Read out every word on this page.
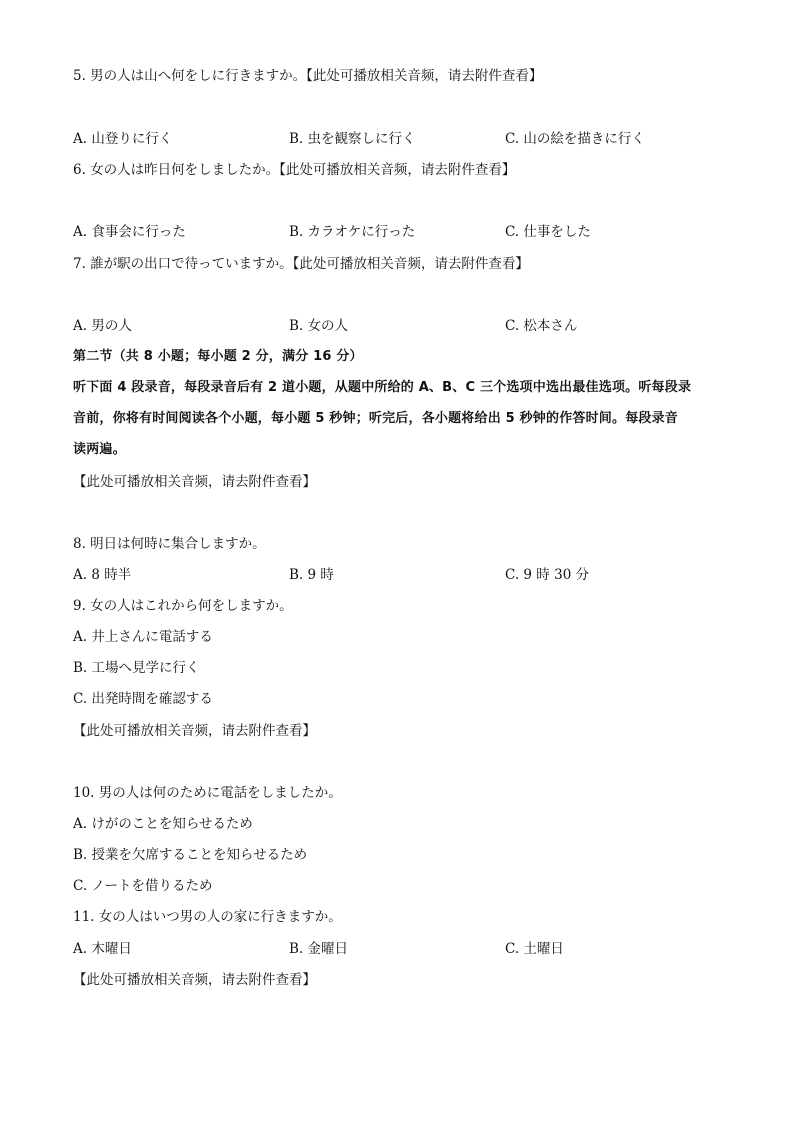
5. 男の人は山へ何をしに行きますか。【此处可播放相关音频，请去附件查看】
A. 山登りに行く	B. 虫を観察しに行く	C. 山の絵を描きに行く
6. 女の人は昨日何をしましたか。【此处可播放相关音频，请去附件查看】
A. 食事会に行った	B. カラオケに行った	C. 仕事をした
7. 誰が駅の出口で待っていますか。【此处可播放相关音频，请去附件查看】
A. 男の人	B. 女の人	C. 松本さん
第二节（共 8 小题；每小题 2 分，满分 16 分）
听下面 4 段录音，每段录音后有 2 道小题，从题中所给的 A、B、C 三个选项中选出最佳选项。听每段录
音前，你将有时间阅读各个小题，每小题 5 秒钟；听完后，各小题将给出 5 秒钟的作答时间。每段录音
读两遍。
【此处可播放相关音频，请去附件查看】
8. 明日は何時に集合しますか。
A. 8 時半	B. 9 時	C. 9 時 30 分
9. 女の人はこれから何をしますか。
A. 井上さんに電話する
B. 工場へ見学に行く
C. 出発時間を確認する
【此处可播放相关音频，请去附件查看】
10. 男の人は何のために電話をしましたか。
A. けがのことを知らせるため
B. 授業を欠席することを知らせるため
C. ノートを借りるため
11. 女の人はいつ男の人の家に行きますか。
A. 木曜日	B. 金曜日	C. 土曜日
【此处可播放相关音频，请去附件查看】
